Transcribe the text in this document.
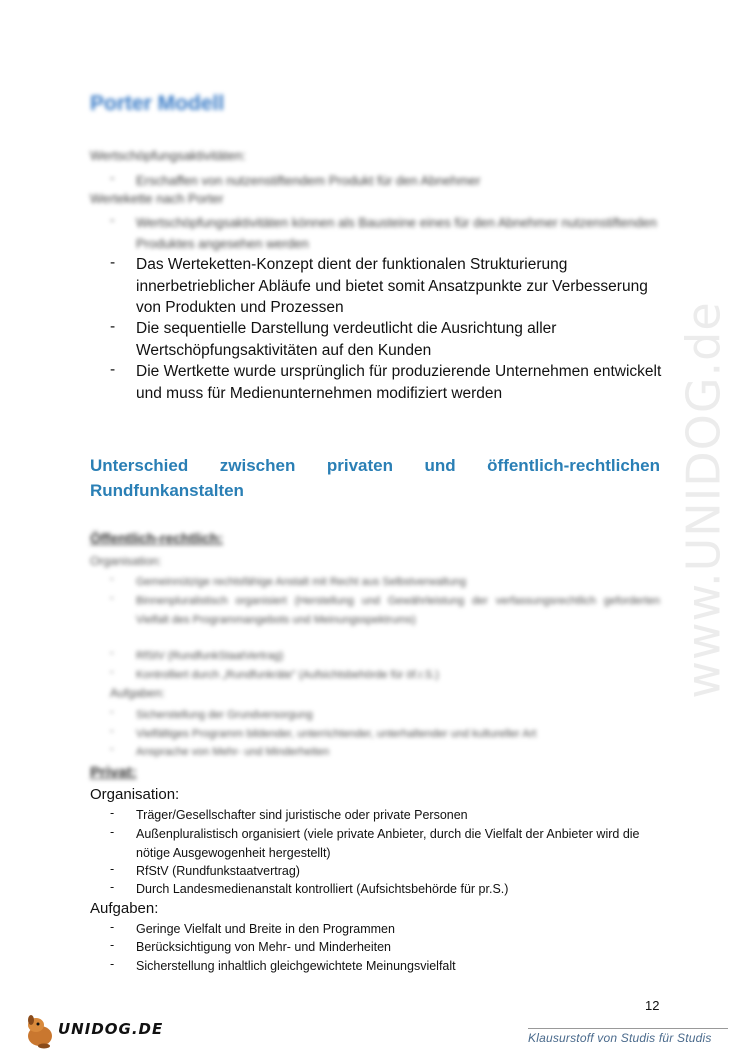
www.UNIDOG.de
Porter Modell

Wertschöpfungsaktivitäten:

- Erschaffen von nutzenstiftendem Produkt für den Abnehmer

Wertekette nach Porter

- Wertschöpfungsaktivitäten können als Bausteine eines für den Abnehmer nutzenstiftenden Produktes angesehen werden
- Das Werteketten-Konzept dient der funktionalen Strukturierung innerbetrieblicher Abläufe und bietet somit Ansatzpunkte zur Verbesserung von Produkten und Prozessen
- Die sequentielle Darstellung verdeutlicht die Ausrichtung aller Wertschöpfungsaktivitäten auf den Kunden
- Die Wertkette wurde ursprünglich für produzierende Unternehmen entwickelt und muss für Medienunternehmen modifiziert werden
Unterschied zwischen privaten und öffentlich-rechtlichen Rundfunkanstalten
Öffentlich-rechtlich:
Organisation:
- Gemeinnützige rechtsfähige Anstalt mit Recht aus Selbstverwaltung
- Binnenpluralistisch organisiert (Herstellung und Gewährleistung der verfassungsrechtlich geforderten Vielfalt des Programmangebots und Meinungsspektrums)
- RfStV (RundfunkStaatVertrag)
- Kontrolliert durch „Rundfunkräte" (Aufsichtsbehörde für öf.r.S.)
Aufgaben:
- Sicherstellung der Grundversorgung
- Vielfältiges Programm bildender, unterrichtender, unterhaltender und kultureller Art
- Ansprache von Mehr- und Minderheiten
Privat:
Organisation:
- Träger/Gesellschafter sind juristische oder private Personen
- Außenpluralistisch organisiert (viele private Anbieter, durch die Vielfalt der Anbieter wird die nötige Ausgewogenheit hergestellt)
- RfStV (Rundfunkstaatvertrag)
- Durch Landesmedienanstalt kontrolliert (Aufsichtsbehörde für pr.S.)
Aufgaben:
- Geringe Vielfalt und Breite in den Programmen
- Berücksichtigung von Mehr- und Minderheiten
- Sicherstellung inhaltlich gleichgewichtete Meinungsvielfalt
12
UNIDOG.DE	Klausurstoff von Studis für Studis
